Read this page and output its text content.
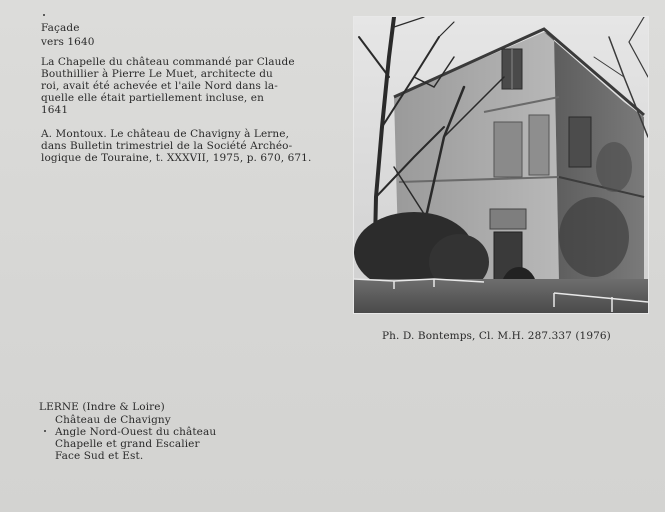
Façade
vers 1640
La Chapelle du château commandé par Claude
Bouthillier à Pierre Le Muet, architecte du
roi, avait été achevée et l'aile Nord dans la-
quelle elle était partiellement incluse, en
1641
A. Montoux. Le château de Chavigny à Lerne,
dans Bulletin trimestriel de la Société Archéo-
logique de Touraine, t. XXXVII, 1975, p. 670, 671.
Ph. D. Bontemps, Cl. M.H. 287.337 (1976)
LERNE (Indre & Loire)
Château de Chavigny
Angle Nord-Ouest du château
Chapelle et grand Escalier
Face Sud et Est.
